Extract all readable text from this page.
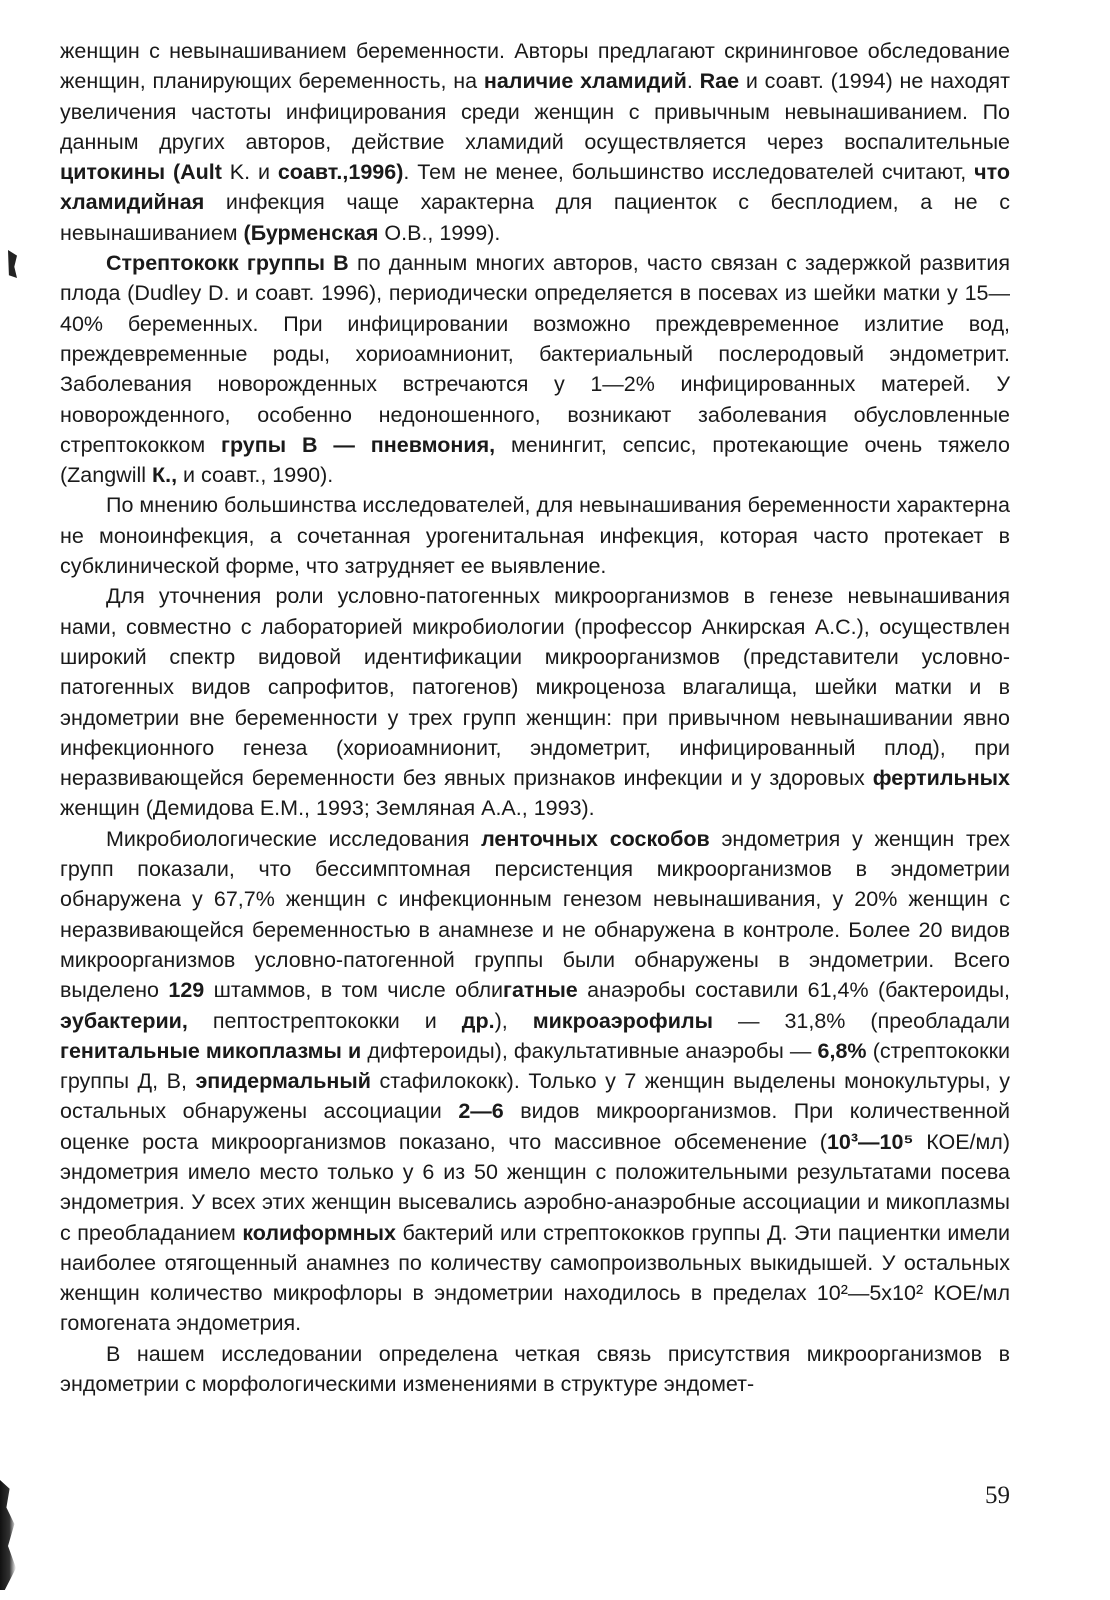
женщин с невынашиванием беременности. Авторы предлагают скрининговое обследование женщин, планирующих беременность, на наличие хламидий. Rae и соавт. (1994) не находят увеличения частоты инфицирования среди женщин с привычным невынашиванием. По данным других авторов, действие хламидий осуществляется через воспалительные цитокины (Ault K. и соавт.,1996). Тем не менее, большинство исследователей считают, что хламидийная инфекция чаще характерна для пациенток с бесплодием, а не с невынашиванием (Бурменская О.В., 1999).

Стрептококк группы В по данным многих авторов, часто связан с задержкой развития плода (Dudley D. и соавт. 1996), периодически определяется в посевах из шейки матки у 15—40% беременных. При инфицировании возможно преждевременное излитие вод, преждевременные роды, хориоамнионит, бактериальный послеродовый эндометрит. Заболевания новорожденных встречаются у 1—2% инфицированных матерей. У новорожденного, особенно недоношенного, возникают заболевания обусловленные стрептококком групы В — пневмония, менингит, сепсис, протекающие очень тяжело (Zangwill К., и соавт., 1990).

По мнению большинства исследователей, для невынашивания беременности характерна не моноинфекция, а сочетанная урогенитальная инфекция, которая часто протекает в субклинической форме, что затрудняет ее выявление.

Для уточнения роли условно-патогенных микроорганизмов в генезе невынашивания нами, совместно с лабораторией микробиологии (профессор Анкирская А.С.), осуществлен широкий спектр видовой идентификации микроорганизмов (представители условно-патогенных видов сапрофитов, патогенов) микроценоза влагалища, шейки матки и в эндометрии вне беременности у трех групп женщин: при привычном невынашивании явно инфекционного генеза (хориоамнионит, эндометрит, инфицированный плод), при неразвивающейся беременности без явных признаков инфекции и у здоровых фертильных женщин (Демидова Е.М., 1993; Земляная А.А., 1993).

Микробиологические исследования ленточных соскобов эндометрия у женщин трех групп показали, что бессимптомная персистенция микроорганизмов в эндометрии обнаружена у 67,7% женщин с инфекционным генезом невынашивания, у 20% женщин с неразвивающейся беременностью в анамнезе и не обнаружена в контроле. Более 20 видов микроорганизмов условно-патогенной группы были обнаружены в эндометрии. Всего выделено 129 штаммов, в том числе облигатные анаэробы составили 61,4% (бактероиды, эубактерии, пептострептококки и др.), микроаэрофилы — 31,8% (преобладали генитальные микоплазмы и дифтероиды), факультативные анаэробы — 6,8% (стрептококки группы Д, В, эпидермальный стафилококк). Только у 7 женщин выделены монокультуры, у остальных обнаружены ассоциации 2—6 видов микроорганизмов. При количественной оценке роста микроорганизмов показано, что массивное обсеменение (10³—10⁵ КОЕ/мл) эндометрия имело место только у 6 из 50 женщин с положительными результатами посева эндометрия. У всех этих женщин высевались аэробно-анаэробные ассоциации и микоплазмы с преобладанием колиформных бактерий или стрептококков группы Д. Эти пациентки имели наиболее отягощенный анамнез по количеству самопроизвольных выкидышей. У остальных женщин количество микрофлоры в эндометрии находилось в пределах 10²—5х10² КОЕ/мл гомогената эндометрия.

В нашем исследовании определена четкая связь присутствия микроорганизмов в эндометрии с морфологическими изменениями в структуре эндомет-

59
